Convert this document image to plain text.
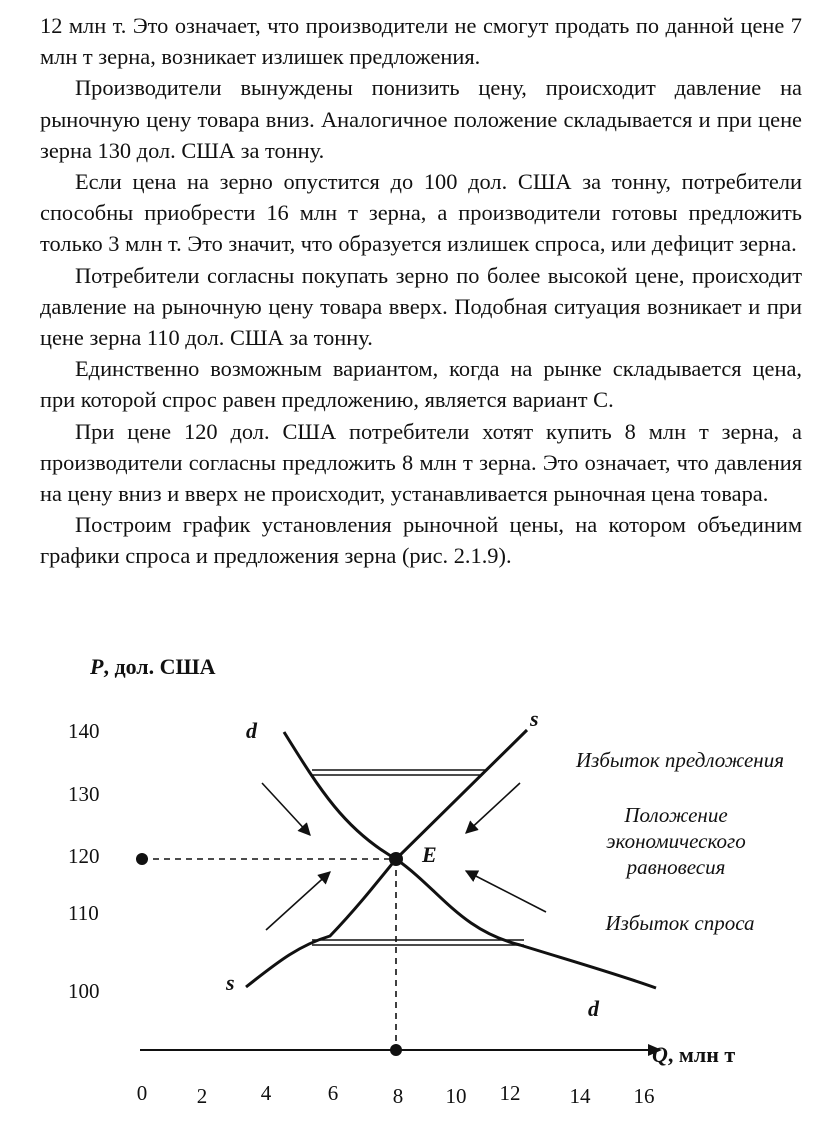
12 млн т. Это означает, что производители не смогут продать по данной цене 7 млн т зерна, возникает излишек предложения.

Производители вынуждены понизить цену, происходит давление на рыночную цену товара вниз. Аналогичное положение складывается и при цене зерна 130 дол. США за тонну.

Если цена на зерно опустится до 100 дол. США за тонну, потребители способны приобрести 16 млн т зерна, а производители готовы предложить только 3 млн т. Это значит, что образуется излишек спроса, или дефицит зерна.

Потребители согласны покупать зерно по более высокой цене, происходит давление на рыночную цену товара вверх. Подобная ситуация возникает и при цене зерна 110 дол. США за тонну.

Единственно возможным вариантом, когда на рынке складывается цена, при которой спрос равен предложению, является вариант С.

При цене 120 дол. США потребители хотят купить 8 млн т зерна, а производители согласны предложить 8 млн т зерна. Это означает, что давления на цену вниз и вверх не происходит, устанавливается рыночная цена товара.

Построим график установления рыночной цены, на котором объединим графики спроса и предложения зерна (рис. 2.1.9).

P, дол. США
140
130
120
110
100
Q, млн т
0 2	4	6	8 10 12 14 16
E
d
d
s
s
Избыток предложения
Положение
экономического
равновесия
Избыток спроса
